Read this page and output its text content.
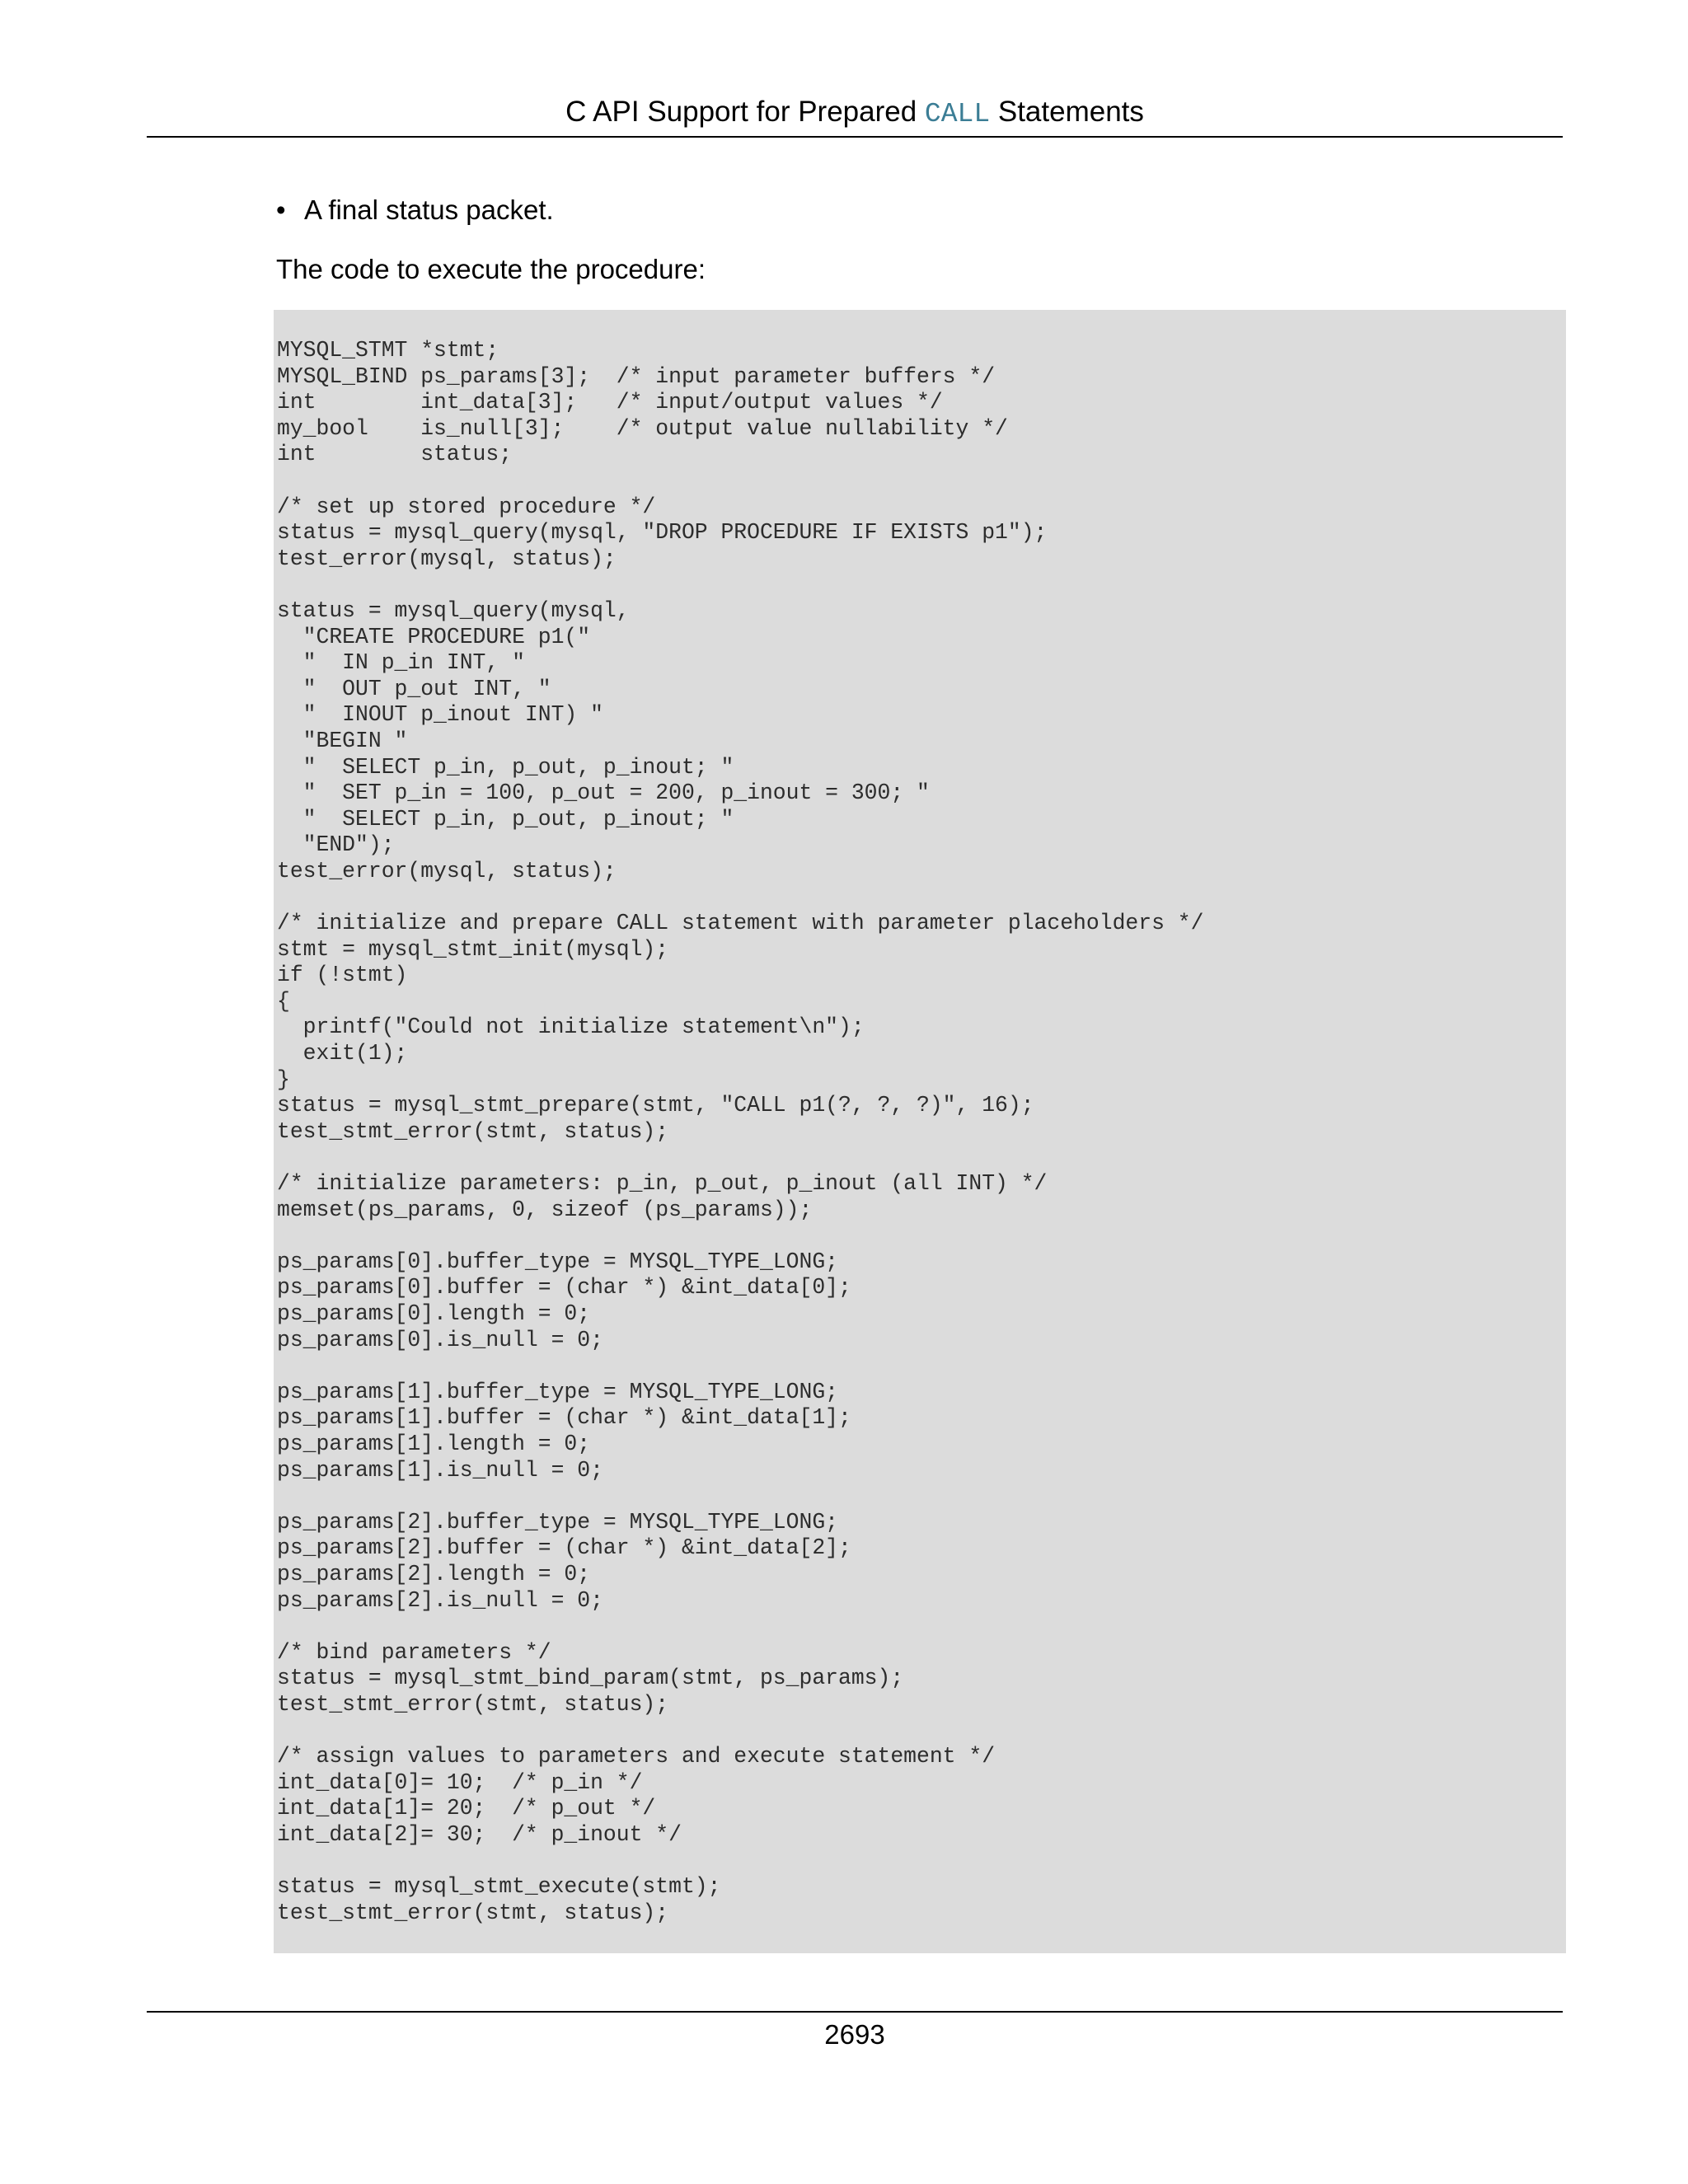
C API Support for Prepared CALL Statements
• A final status packet.
The code to execute the procedure:
MYSQL_STMT *stmt;
MYSQL_BIND ps_params[3];  /* input parameter buffers */
int        int_data[3];   /* input/output values */
my_bool    is_null[3];    /* output value nullability */
int        status;

/* set up stored procedure */
status = mysql_query(mysql, "DROP PROCEDURE IF EXISTS p1");
test_error(mysql, status);

status = mysql_query(mysql,
"CREATE PROCEDURE p1("
"  IN p_in INT, "
"  OUT p_out INT, "
"  INOUT p_inout INT) "
"BEGIN "
"  SELECT p_in, p_out, p_inout; "
"  SET p_in = 100, p_out = 200, p_inout = 300; "
"  SELECT p_in, p_out, p_inout; "
"END");
test_error(mysql, status);

/* initialize and prepare CALL statement with parameter placeholders */
stmt = mysql_stmt_init(mysql);
if (!stmt)
{
printf("Could not initialize statement\n");
exit(1);
}
status = mysql_stmt_prepare(stmt, "CALL p1(?, ?, ?)", 16);
test_stmt_error(stmt, status);

/* initialize parameters: p_in, p_out, p_inout (all INT) */
memset(ps_params, 0, sizeof (ps_params));

ps_params[0].buffer_type = MYSQL_TYPE_LONG;
ps_params[0].buffer = (char *) &int_data[0];
ps_params[0].length = 0;
ps_params[0].is_null = 0;

ps_params[1].buffer_type = MYSQL_TYPE_LONG;
ps_params[1].buffer = (char *) &int_data[1];
ps_params[1].length = 0;
ps_params[1].is_null = 0;

ps_params[2].buffer_type = MYSQL_TYPE_LONG;
ps_params[2].buffer = (char *) &int_data[2];
ps_params[2].length = 0;
ps_params[2].is_null = 0;

/* bind parameters */
status = mysql_stmt_bind_param(stmt, ps_params);
test_stmt_error(stmt, status);

/* assign values to parameters and execute statement */
int_data[0]= 10;  /* p_in */
int_data[1]= 20;  /* p_out */
int_data[2]= 30;  /* p_inout */

status = mysql_stmt_execute(stmt);
test_stmt_error(stmt, status);
2693
